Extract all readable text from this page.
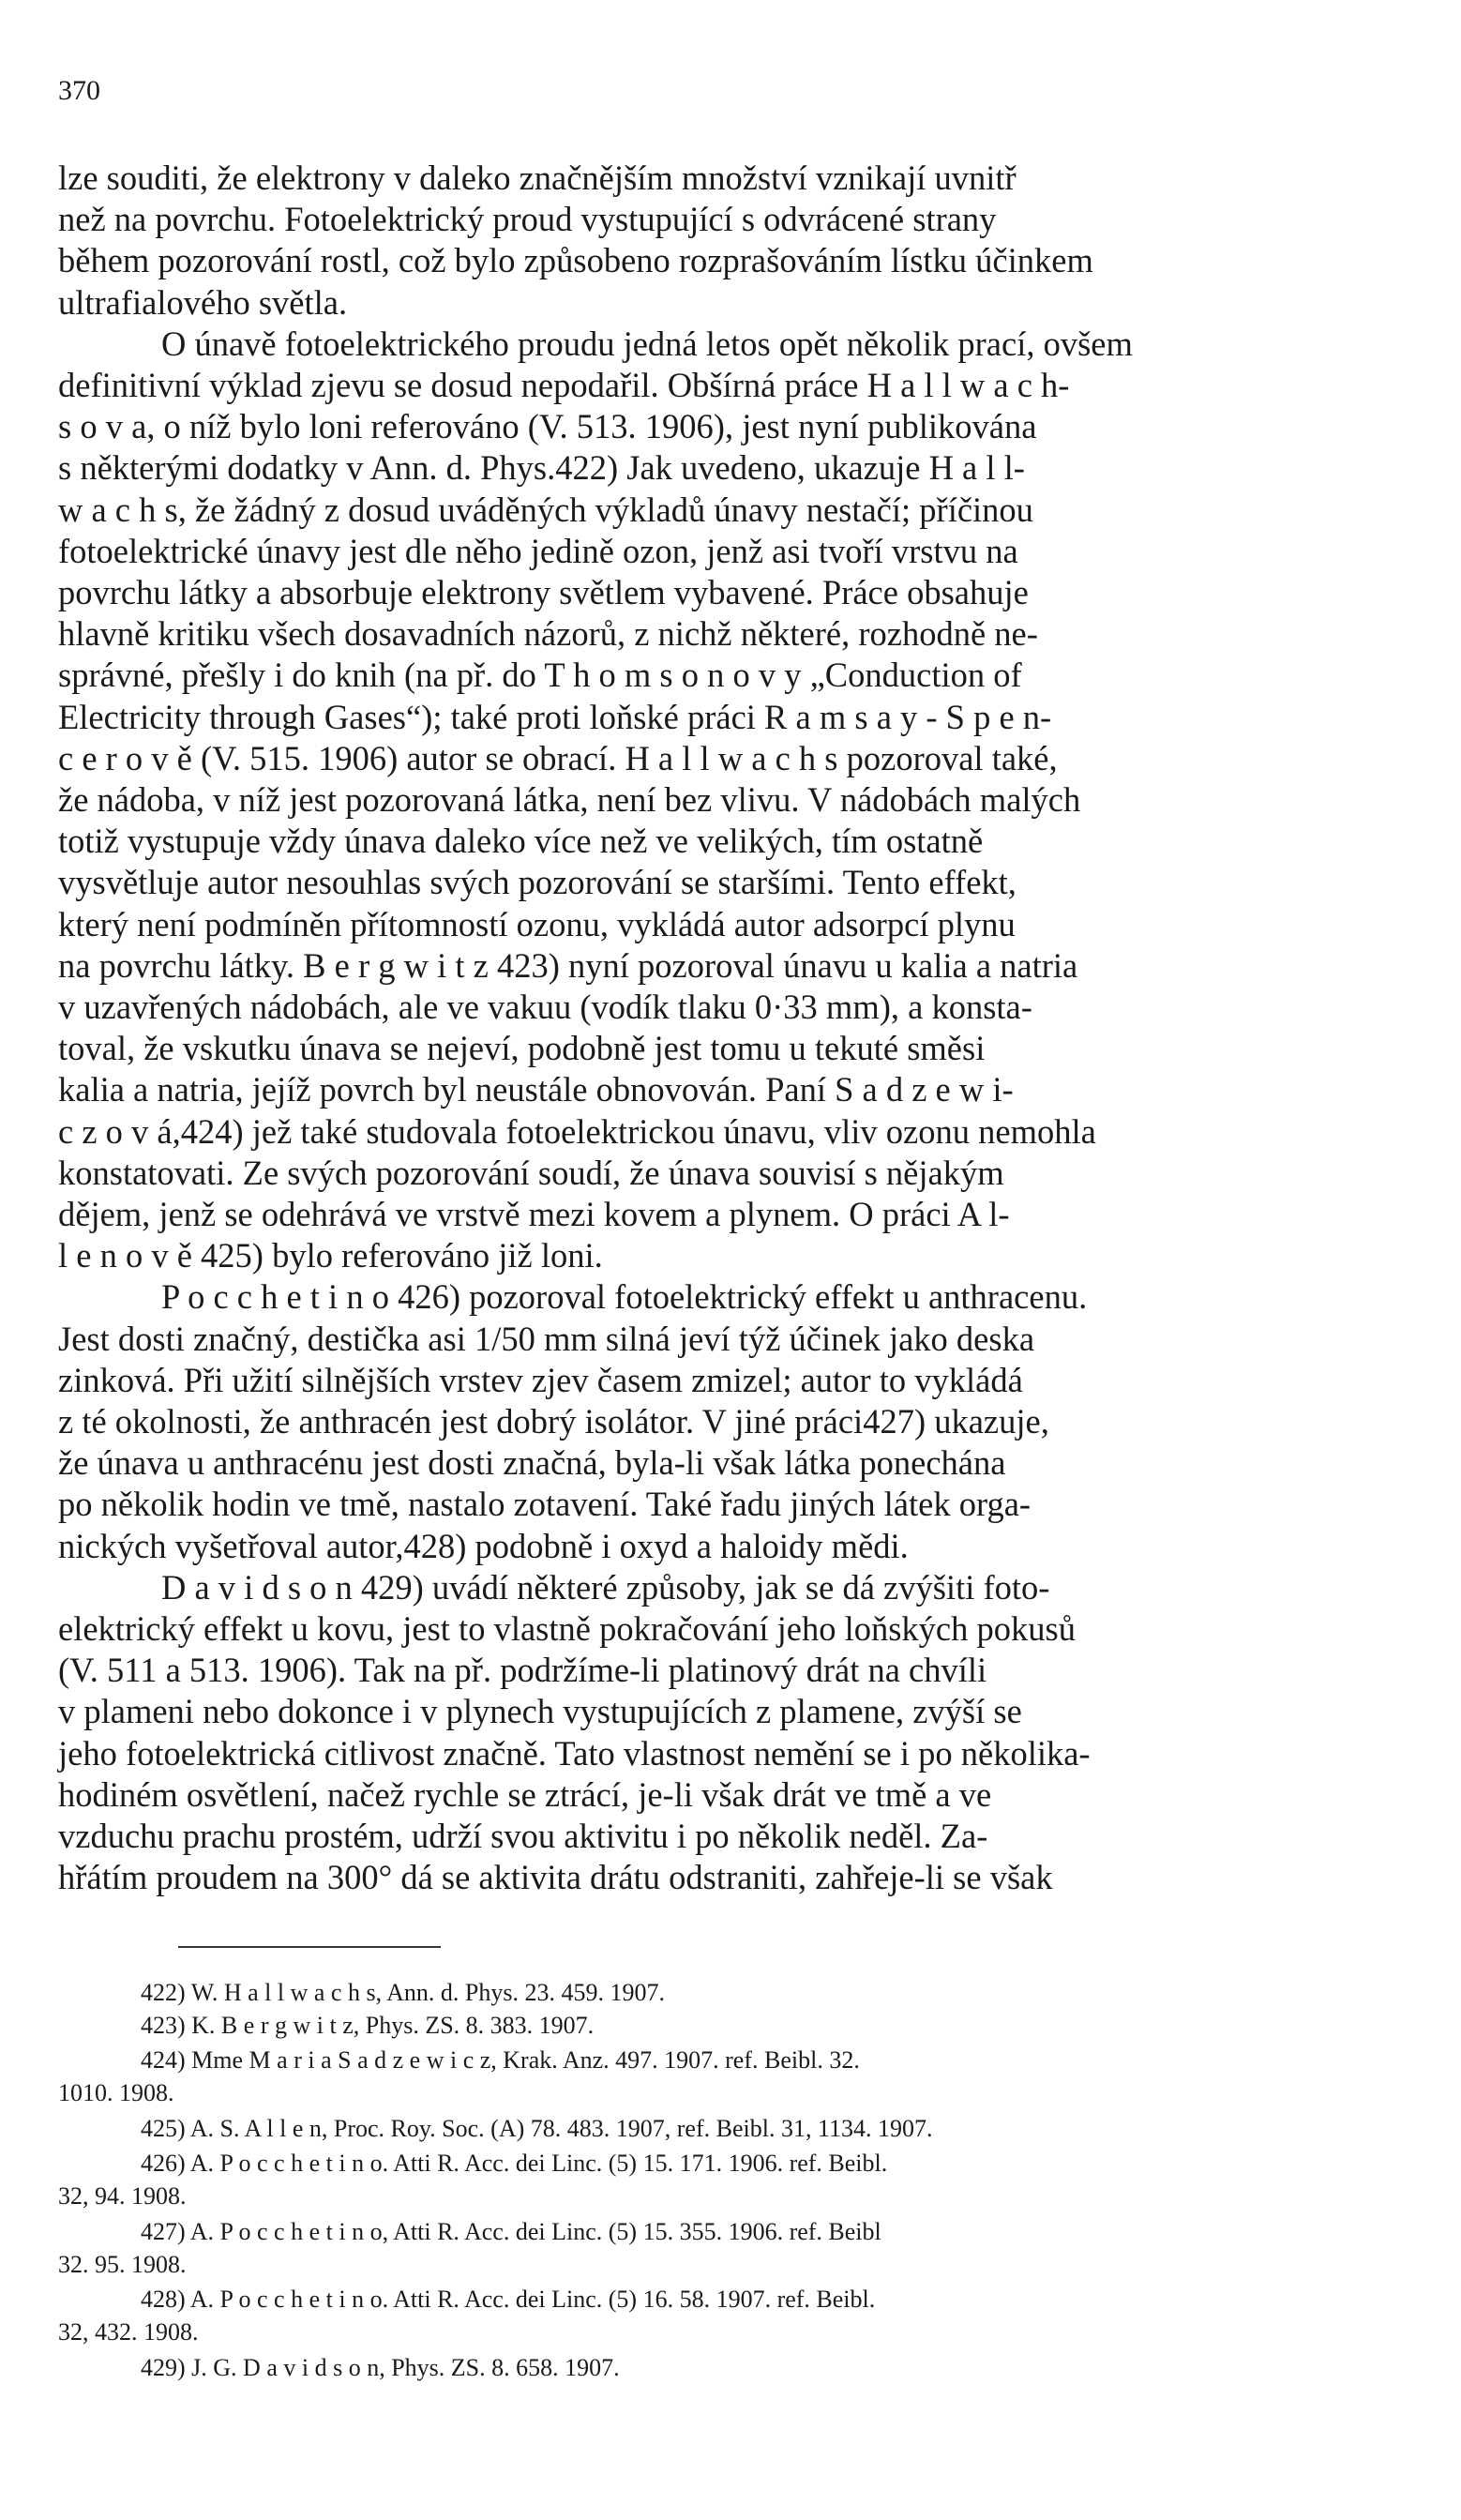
370
lze souditi, že elektrony v daleko značnějším množství vznikají uvnitř
než na povrchu. Fotoelektrický proud vystupující s odvrácené strany
během pozorování rostl, což bylo způsobeno rozprašováním lístku účinkem
ultrafialového světla.
O únavě fotoelektrického proudu jedná letos opět několik prací, ovšem
definitivní výklad zjevu se dosud nepodařil. Obšírná práce H a l l w a c h-
s o v a, o níž bylo loni referováno (V. 513. 1906), jest nyní publikována
s některými dodatky v Ann. d. Phys.422) Jak uvedeno, ukazuje H a l l-
w a c h s, že žádný z dosud uváděných výkladů únavy nestačí; příčinou
fotoelektrické únavy jest dle něho jedině ozon, jenž asi tvoří vrstvu na
povrchu látky a absorbuje elektrony světlem vybavené. Práce obsahuje
hlavně kritiku všech dosavadních názorů, z nichž některé, rozhodně ne-
správné, přešly i do knih (na př. do T h o m s o n o v y „Conduction of
Electricity through Gases“); také proti loňské práci R a m s a y - S p e n-
c e r o v ě (V. 515. 1906) autor se obrací. H a l l w a c h s pozoroval také,
že nádoba, v níž jest pozorovaná látka, není bez vlivu. V nádobách malých
totiž vystupuje vždy únava daleko více než ve velikých, tím ostatně
vysvětluje autor nesouhlas svých pozorování se staršími. Tento effekt,
který není podmíněn přítomností ozonu, vykládá autor adsorpcí plynu
na povrchu látky. B e r g w i t z 423) nyní pozoroval únavu u kalia a natria
v uzavřených nádobách, ale ve vakuu (vodík tlaku 0·33 mm), a konsta-
toval, že vskutku únava se nejeví, podobně jest tomu u tekuté směsi
kalia a natria, jejíž povrch byl neustále obnovován. Paní S a d z e w i-
c z o v á,424) jež také studovala fotoelektrickou únavu, vliv ozonu nemohla
konstatovati. Ze svých pozorování soudí, že únava souvisí s nějakým
dějem, jenž se odehrává ve vrstvě mezi kovem a plynem. O práci A l-
l e n o v ě 425) bylo referováno již loni.
P o c c h e t i n o 426) pozoroval fotoelektrický effekt u anthracenu.
Jest dosti značný, destička asi 1/50 mm silná jeví týž účinek jako deska
zinková. Při užití silnějších vrstev zjev časem zmizel; autor to vykládá
z té okolnosti, že anthracén jest dobrý isolátor. V jiné práci427) ukazuje,
že únava u anthracénu jest dosti značná, byla-li však látka ponechána
po několik hodin ve tmě, nastalo zotavení. Také řadu jiných látek orga-
nických vyšetřoval autor,428) podobně i oxyd a haloidy mědi.
D a v i d s o n 429) uvádí některé způsoby, jak se dá zvýšiti foto-
elektrický effekt u kovu, jest to vlastně pokračování jeho loňských pokusů
(V. 511 a 513. 1906). Tak na př. podržíme-li platinový drát na chvíli
v plameni nebo dokonce i v plynech vystupujících z plamene, zvýší se
jeho fotoelektrická citlivost značně. Tato vlastnost nemění se i po několika-
hodiném osvětlení, načež rychle se ztrácí, je-li však drát ve tmě a ve
vzduchu prachu prostém, udrží svou aktivitu i po několik neděl. Za-
hřátím proudem na 300° dá se aktivita drátu odstraniti, zahřeje-li se však
422) W. H a l l w a c h s, Ann. d. Phys. 23. 459. 1907.
423) K. B e r g w i t z, Phys. ZS. 8. 383. 1907.
424) Mme M a r i a S a d z e w i c z, Krak. Anz. 497. 1907. ref. Beibl. 32.
1010. 1908.
425) A. S. A l l e n, Proc. Roy. Soc. (A) 78. 483. 1907, ref. Beibl. 31, 1134. 1907.
426) A. P o c c h e t i n o. Atti R. Acc. dei Linc. (5) 15. 171. 1906. ref. Beibl.
32, 94. 1908.
427) A. P o c c h e t i n o, Atti R. Acc. dei Linc. (5) 15. 355. 1906. ref. Beibl
32. 95. 1908.
428) A. P o c c h e t i n o. Atti R. Acc. dei Linc. (5) 16. 58. 1907. ref. Beibl.
32, 432. 1908.
429) J. G. D a v i d s o n, Phys. ZS. 8. 658. 1907.
